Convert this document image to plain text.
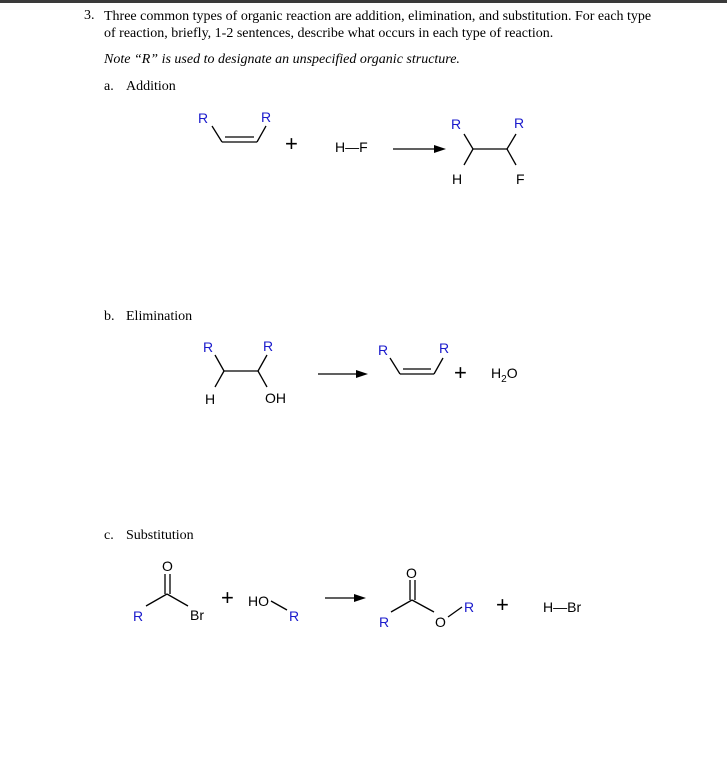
3. Three common types of organic reaction are addition, elimination, and substitution. For each type of reaction, briefly, 1-2 sentences, describe what occurs in each type of reaction.
Note “R” is used to designate an unspecified organic structure.
a. Addition
b. Elimination
c. Substitution
R	R
+	H—F
R	R
H	F
R	R
H	OH
R	R
+ $H_2O$
O
R	Br
+ HO
R
O
O
R
R + H—Br
